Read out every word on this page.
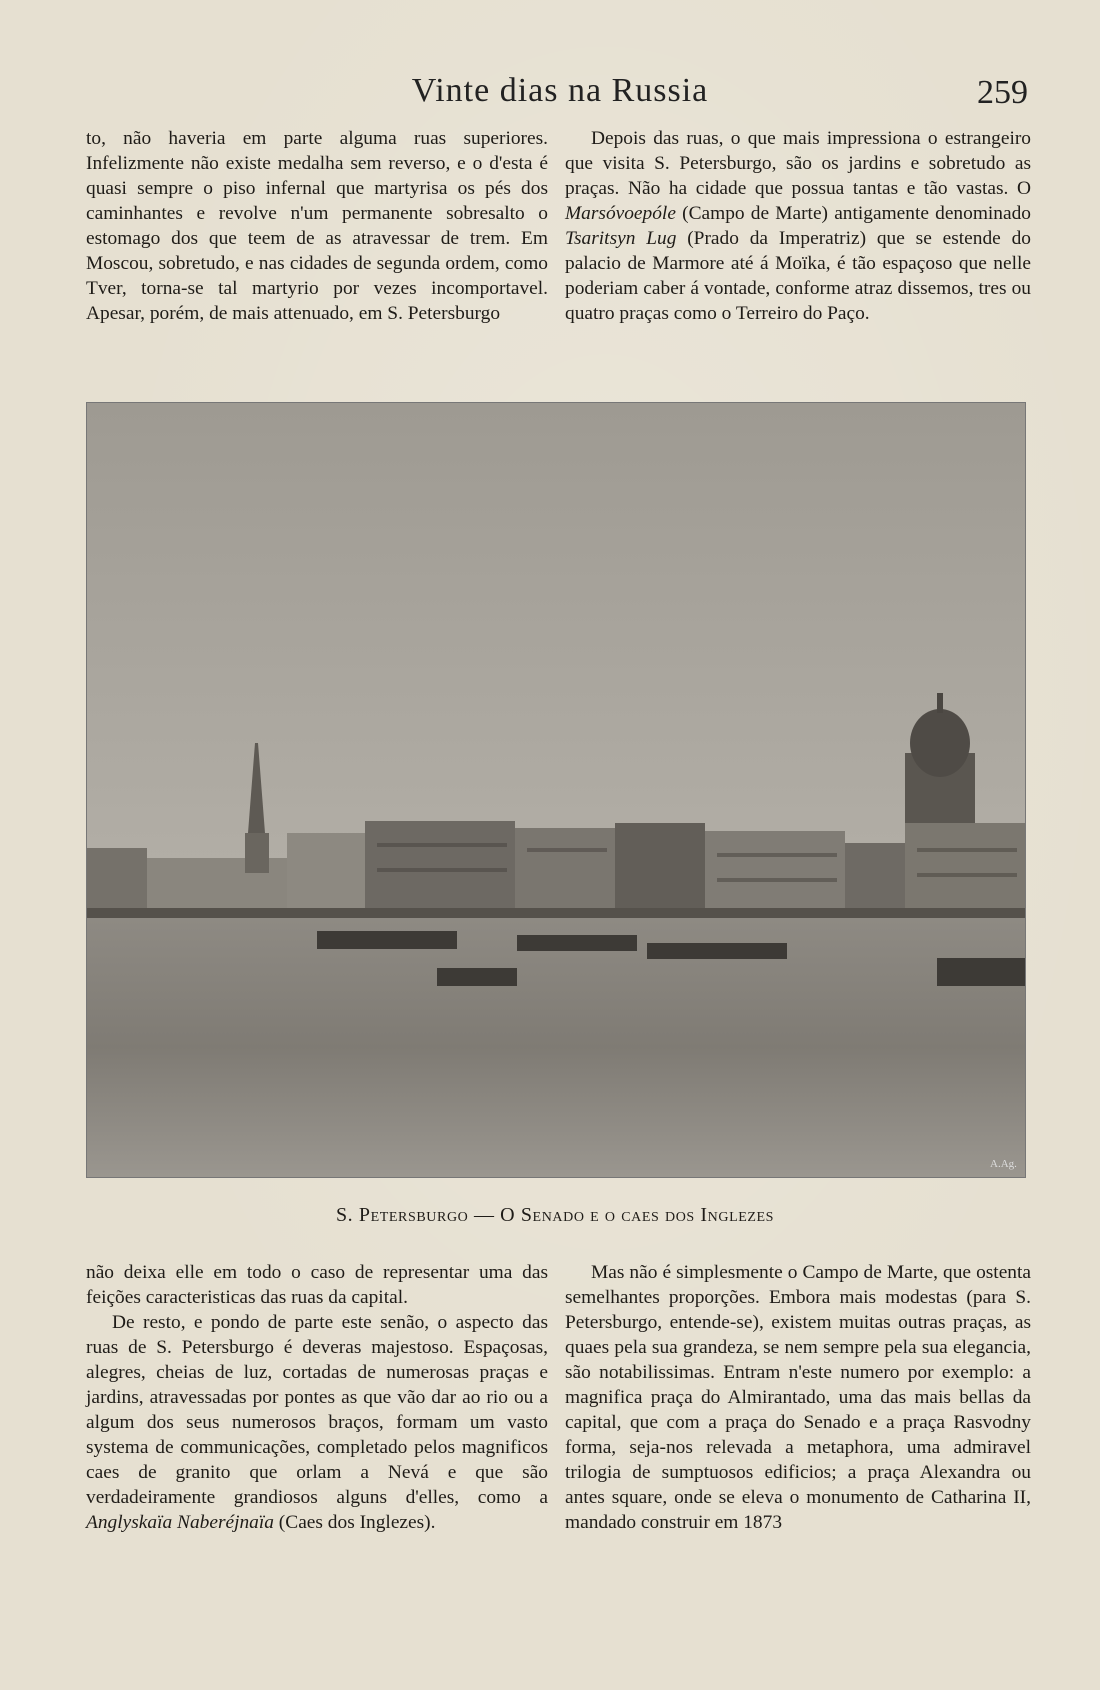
Vinte dias na Russia	259

to, não haveria em parte alguma ruas superiores. Infelizmente não existe medalha sem reverso, e o d'esta é quasi sempre o piso infernal que martyrisa os pés dos caminhantes e revolve n'um permanente sobresalto o estomago dos que teem de as atravessar de trem. Em Moscou, sobretudo, e nas cidades de segunda ordem, como Tver, torna-se tal martyrio por vezes incomportavel. Apesar, porém, de mais attenuado, em S. Petersburgo

Depois das ruas, o que mais impressiona o estrangeiro que visita S. Petersburgo, são os jardins e sobretudo as praças. Não ha cidade que possua tantas e tão vastas. O Marsóvoepóle (Campo de Marte) antigamente denominado Tsaritsyn Lug (Prado da Imperatriz) que se estende do palacio de Marmore até á Moïka, é tão espaçoso que nelle poderiam caber á vontade, conforme atraz dissemos, tres ou quatro praças como o Terreiro do Paço.

S. Petersburgo — O Senado e o caes dos Inglezes

não deixa elle em todo o caso de representar uma das feições caracteristicas das ruas da capital.

De resto, e pondo de parte este senão, o aspecto das ruas de S. Petersburgo é deveras majestoso. Espaçosas, alegres, cheias de luz, cortadas de numerosas praças e jardins, atravessadas por pontes as que vão dar ao rio ou a algum dos seus numerosos braços, formam um vasto systema de communicações, completado pelos magnificos caes de granito que orlam a Nevá e que são verdadeiramente grandiosos alguns d'elles, como a Anglyskaïa Naberéjnaïa (Caes dos Inglezes).

Mas não é simplesmente o Campo de Marte, que ostenta semelhantes proporções. Embora mais modestas (para S. Petersburgo, entende-se), existem muitas outras praças, as quaes pela sua grandeza, se nem sempre pela sua elegancia, são notabilissimas. Entram n'este numero por exemplo: a magnifica praça do Almirantado, uma das mais bellas da capital, que com a praça do Senado e a praça Rasvodny forma, seja-nos relevada a metaphora, uma admiravel trilogia de sumptuosos edificios; a praça Alexandra ou antes square, onde se eleva o monumento de Catharina II, mandado construir em 1873

A.Ag.
